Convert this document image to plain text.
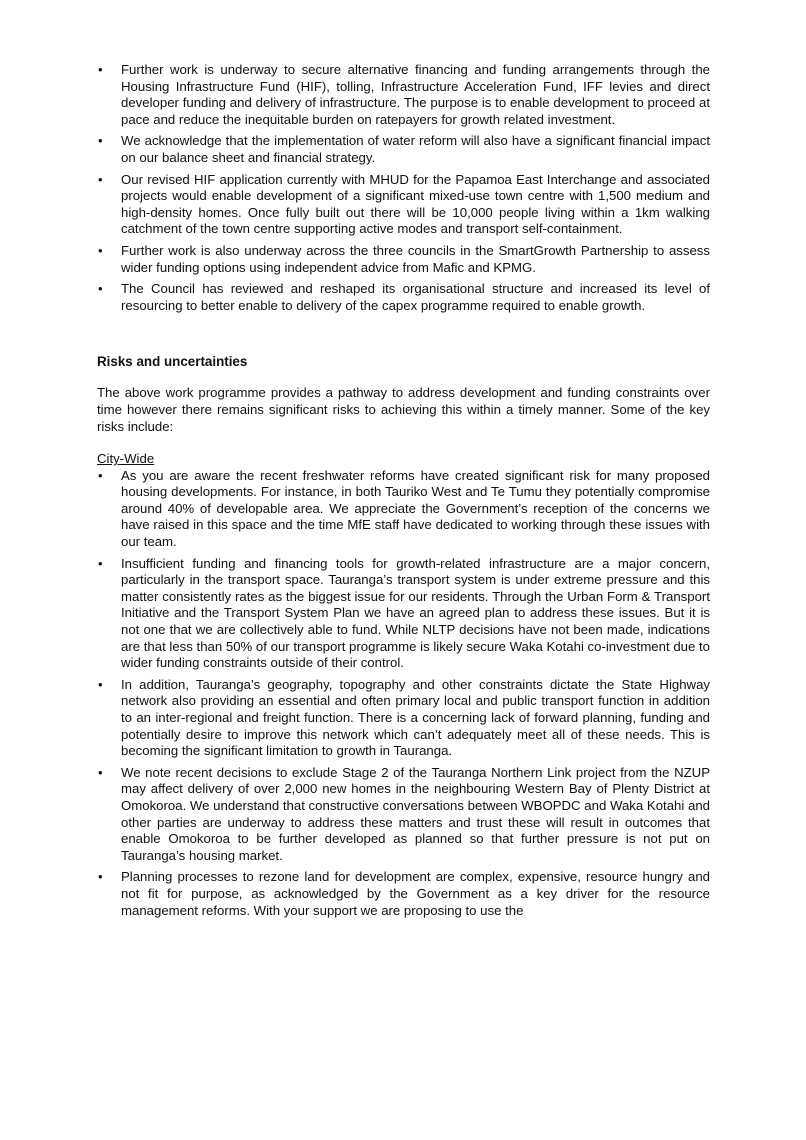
• Further work is underway to secure alternative financing and funding arrangements through the Housing Infrastructure Fund (HIF), tolling, Infrastructure Acceleration Fund, IFF levies and direct developer funding and delivery of infrastructure. The purpose is to enable development to proceed at pace and reduce the inequitable burden on ratepayers for growth related investment.
• We acknowledge that the implementation of water reform will also have a significant financial impact on our balance sheet and financial strategy.
• Our revised HIF application currently with MHUD for the Papamoa East Interchange and associated projects would enable development of a significant mixed-use town centre with 1,500 medium and high-density homes. Once fully built out there will be 10,000 people living within a 1km walking catchment of the town centre supporting active modes and transport self-containment.
• Further work is also underway across the three councils in the SmartGrowth Partnership to assess wider funding options using independent advice from Mafic and KPMG.
• The Council has reviewed and reshaped its organisational structure and increased its level of resourcing to better enable to delivery of the capex programme required to enable growth.
Risks and uncertainties

The above work programme provides a pathway to address development and funding constraints over time however there remains significant risks to achieving this within a timely manner. Some of the key risks include:

City-Wide

• As you are aware the recent freshwater reforms have created significant risk for many proposed housing developments. For instance, in both Tauriko West and Te Tumu they potentially compromise around 40% of developable area. We appreciate the Government’s reception of the concerns we have raised in this space and the time MfE staff have dedicated to working through these issues with our team.
• Insufficient funding and financing tools for growth-related infrastructure are a major concern, particularly in the transport space. Tauranga’s transport system is under extreme pressure and this matter consistently rates as the biggest issue for our residents. Through the Urban Form & Transport Initiative and the Transport System Plan we have an agreed plan to address these issues. But it is not one that we are collectively able to fund. While NLTP decisions have not been made, indications are that less than 50% of our transport programme is likely secure Waka Kotahi co-investment due to wider funding constraints outside of their control.
• In addition, Tauranga’s geography, topography and other constraints dictate the State Highway network also providing an essential and often primary local and public transport function in addition to an inter-regional and freight function. There is a concerning lack of forward planning, funding and potentially desire to improve this network which can’t adequately meet all of these needs. This is becoming the significant limitation to growth in Tauranga.
• We note recent decisions to exclude Stage 2 of the Tauranga Northern Link project from the NZUP may affect delivery of over 2,000 new homes in the neighbouring Western Bay of Plenty District at Omokoroa. We understand that constructive conversations between WBOPDC and Waka Kotahi and other parties are underway to address these matters and trust these will result in outcomes that enable Omokoroa to be further developed as planned so that further pressure is not put on Tauranga’s housing market.
• Planning processes to rezone land for development are complex, expensive, resource hungry and not fit for purpose, as acknowledged by the Government as a key driver for the resource management reforms. With your support we are proposing to use the
